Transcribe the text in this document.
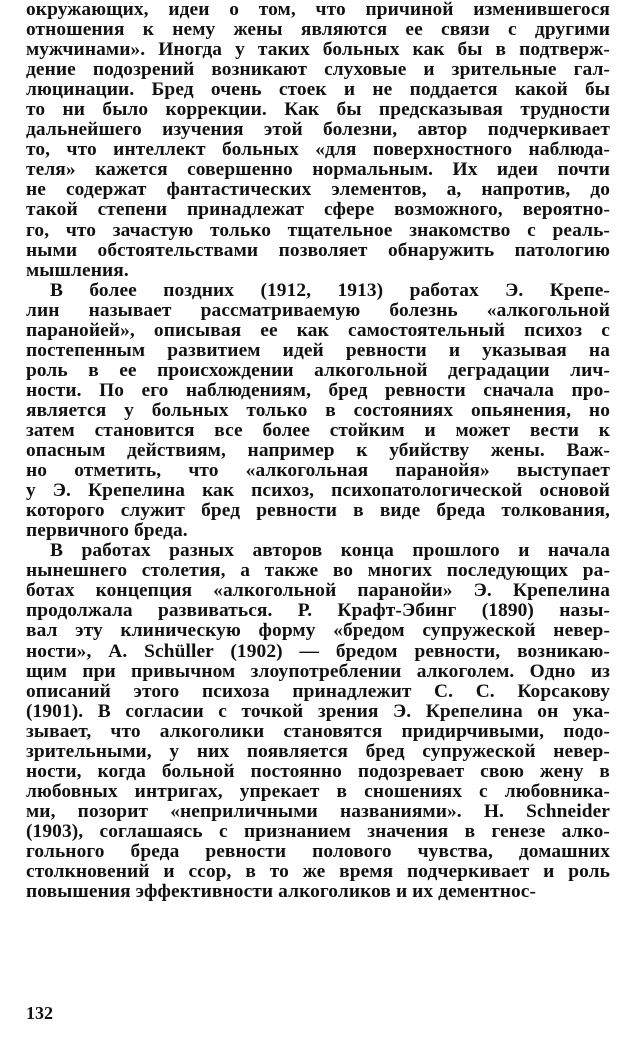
окружающих, идеи о том, что причиной изменившегося
отношения к нему жены являются ее связи с другими
мужчинами». Иногда у таких больных как бы в подтверж-
дение подозрений возникают слуховые и зрительные гал-
люцинации. Бред очень стоек и не поддается какой бы
то ни было коррекции. Как бы предсказывая трудности
дальнейшего изучения этой болезни, автор подчеркивает
то, что интеллект больных «для поверхностного наблюда-
теля» кажется совершенно нормальным. Их идеи почти
не содержат фантастических элементов, а, напротив, до
такой степени принадлежат сфере возможного, вероятно-
го, что зачастую только тщательное знакомство с реаль-
ными обстоятельствами позволяет обнаружить патологию
мышления.
В более поздних (1912, 1913) работах Э. Крепе-
лин называет рассматриваемую болезнь «алкогольной
паранойей», описывая ее как самостоятельный психоз с
постепенным развитием идей ревности и указывая на
роль в ее происхождении алкогольной деградации лич-
ности. По его наблюдениям, бред ревности сначала про-
является у больных только в состояниях опьянения, но
затем становится все более стойким и может вести к
опасным действиям, например к убийству жены. Важ-
но отметить, что «алкогольная паранойя» выступает
у Э. Крепелина как психоз, психопатологической основой
которого служит бред ревности в виде бреда толкования,
первичного бреда.
В работах разных авторов конца прошлого и начала
нынешнего столетия, а также во многих последующих ра-
ботах концепция «алкогольной паранойи» Э. Крепелина
продолжала развиваться. Р. Крафт-Эбинг (1890) назы-
вал эту клиническую форму «бредом супружеской невер-
ности», A. Schüller (1902) — бредом ревности, возникаю-
щим при привычном злоупотреблении алкоголем. Одно из
описаний этого психоза принадлежит С. С. Корсакову
(1901). В согласии с точкой зрения Э. Крепелина он ука-
зывает, что алкоголики становятся придирчивыми, подо-
зрительными, у них появляется бред супружеской невер-
ности, когда больной постоянно подозревает свою жену в
любовных интригах, упрекает в сношениях с любовника-
ми, позорит «неприличными названиями». H. Schneider
(1903), соглашаясь с признанием значения в генезе алко-
гольного бреда ревности полового чувства, домашних
столкновений и ссор, в то же время подчеркивает и роль
повышения эффективности алкоголиков и их дементнос-
132
